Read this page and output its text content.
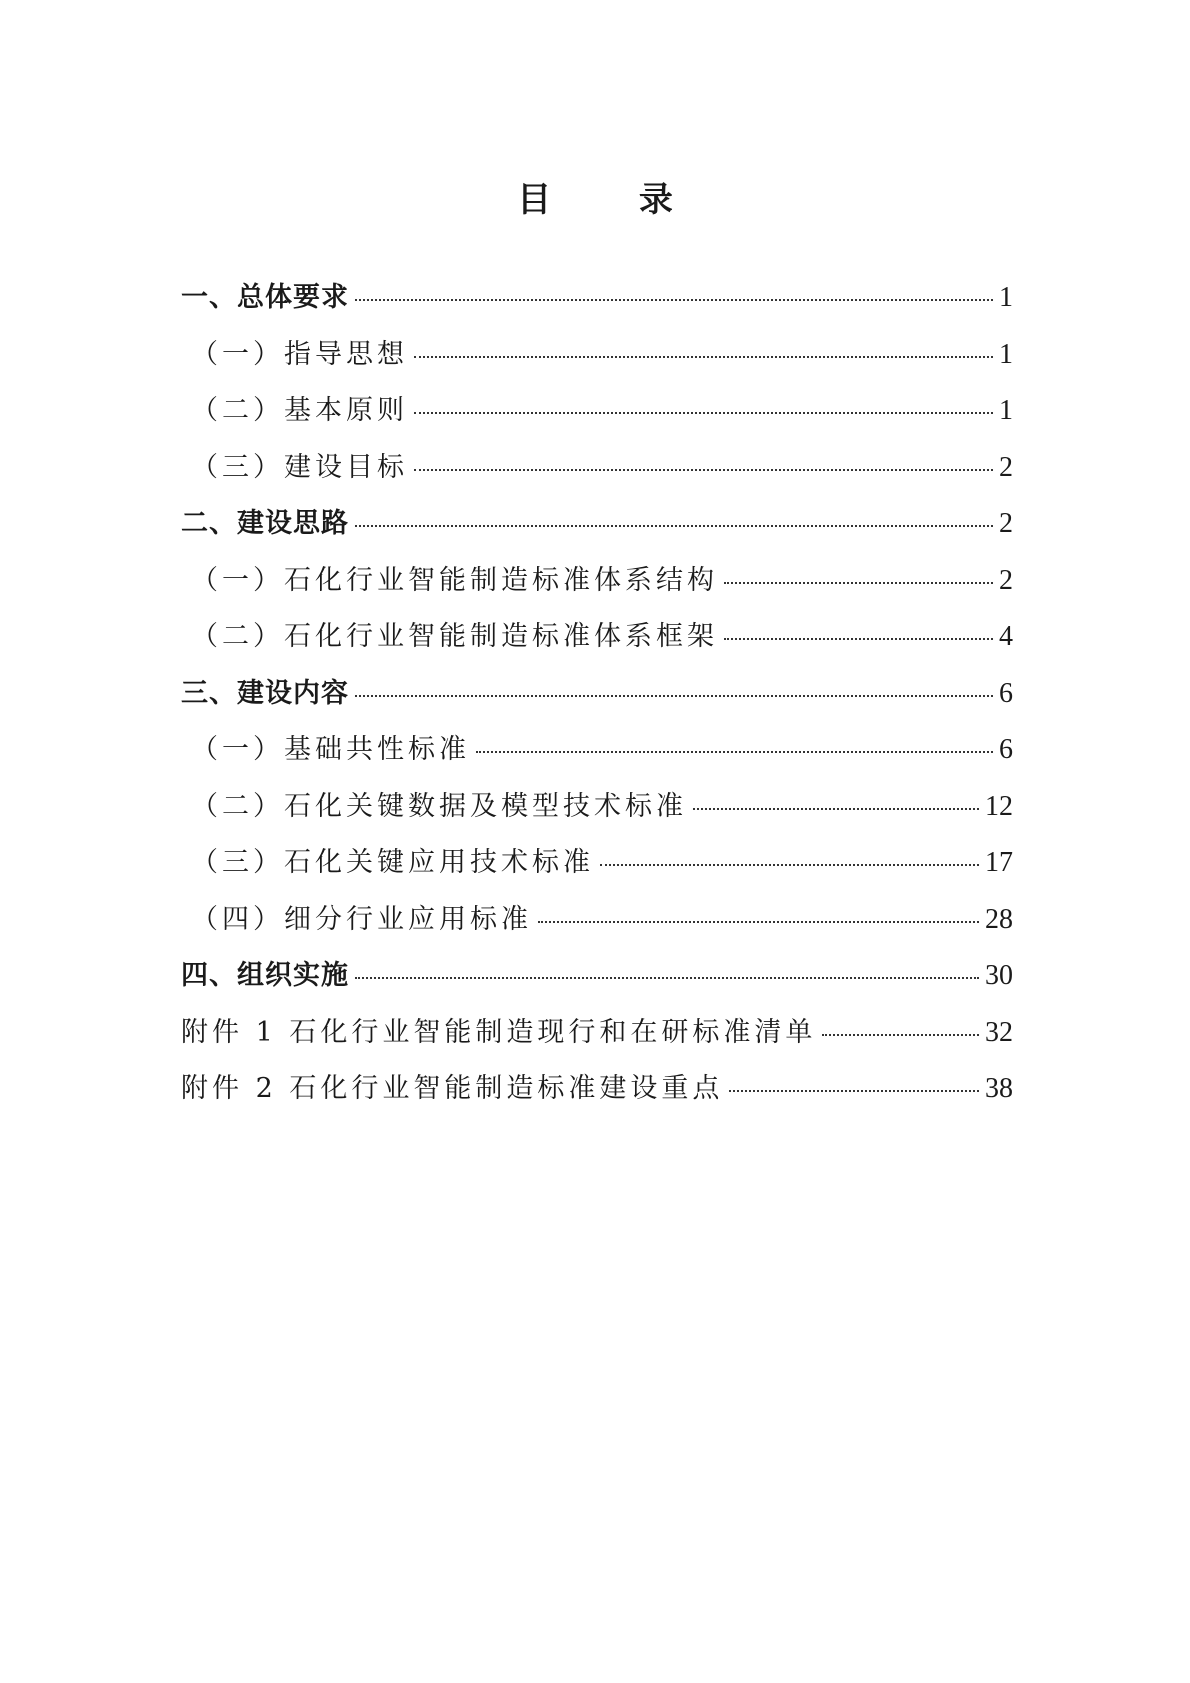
目 录
一、总体要求	1
（一）指导思想	1
（二）基本原则	1
（三）建设目标	2
二、建设思路	2
（一）石化行业智能制造标准体系结构	2
（二）石化行业智能制造标准体系框架	4
三、建设内容	6
（一）基础共性标准	6
（二）石化关键数据及模型技术标准	12
（三）石化关键应用技术标准	17
（四）细分行业应用标准	28
四、组织实施	30
附件 1 石化行业智能制造现行和在研标准清单	32
附件 2 石化行业智能制造标准建设重点	38
